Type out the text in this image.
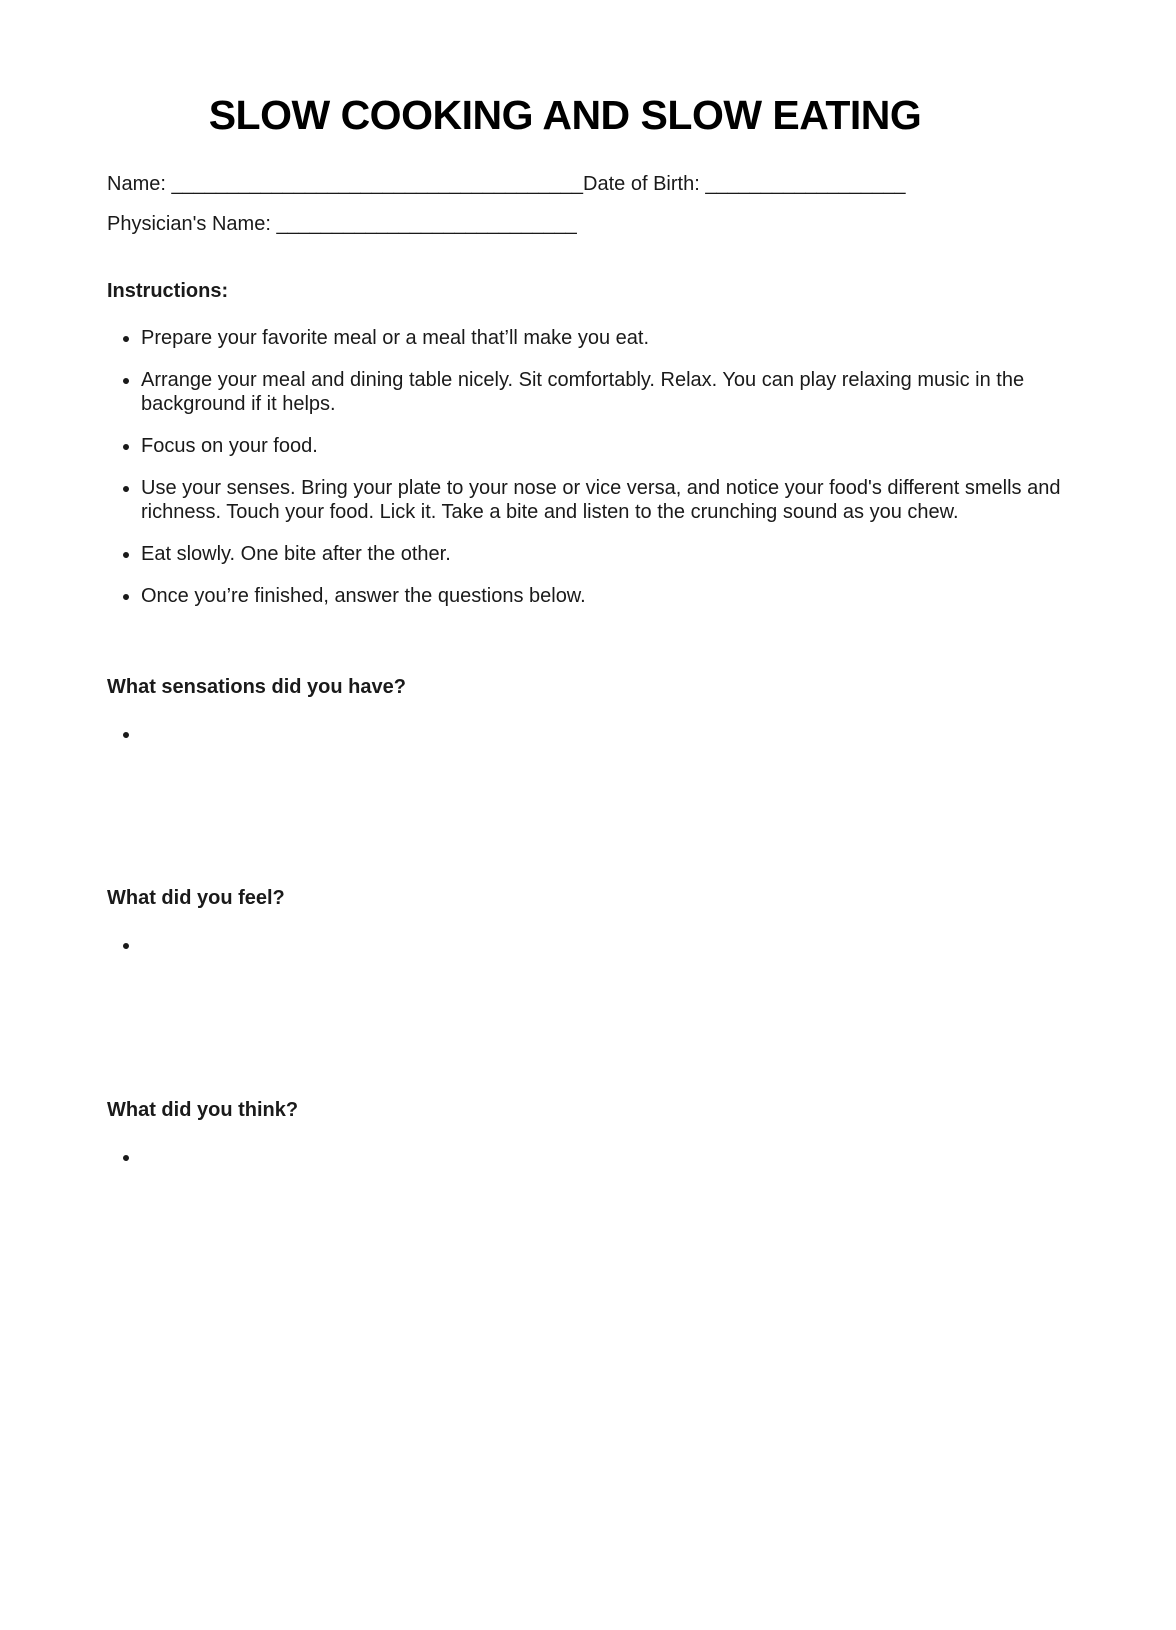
SLOW COOKING AND SLOW EATING
Name: _____________________________________Date of Birth: __________________
Physician's Name: ___________________________
Instructions:
• Prepare your favorite meal or a meal that’ll make you eat.
• Arrange your meal and dining table nicely. Sit comfortably. Relax. You can play relaxing music in the background if it helps.
• Focus on your food.
• Use your senses. Bring your plate to your nose or vice versa, and notice your food's different smells and richness. Touch your food. Lick it. Take a bite and listen to the crunching sound as you chew.
• Eat slowly. One bite after the other.
• Once you’re finished, answer the questions below.
What sensations did you have?
•
What did you feel?
•
What did you think?
•
